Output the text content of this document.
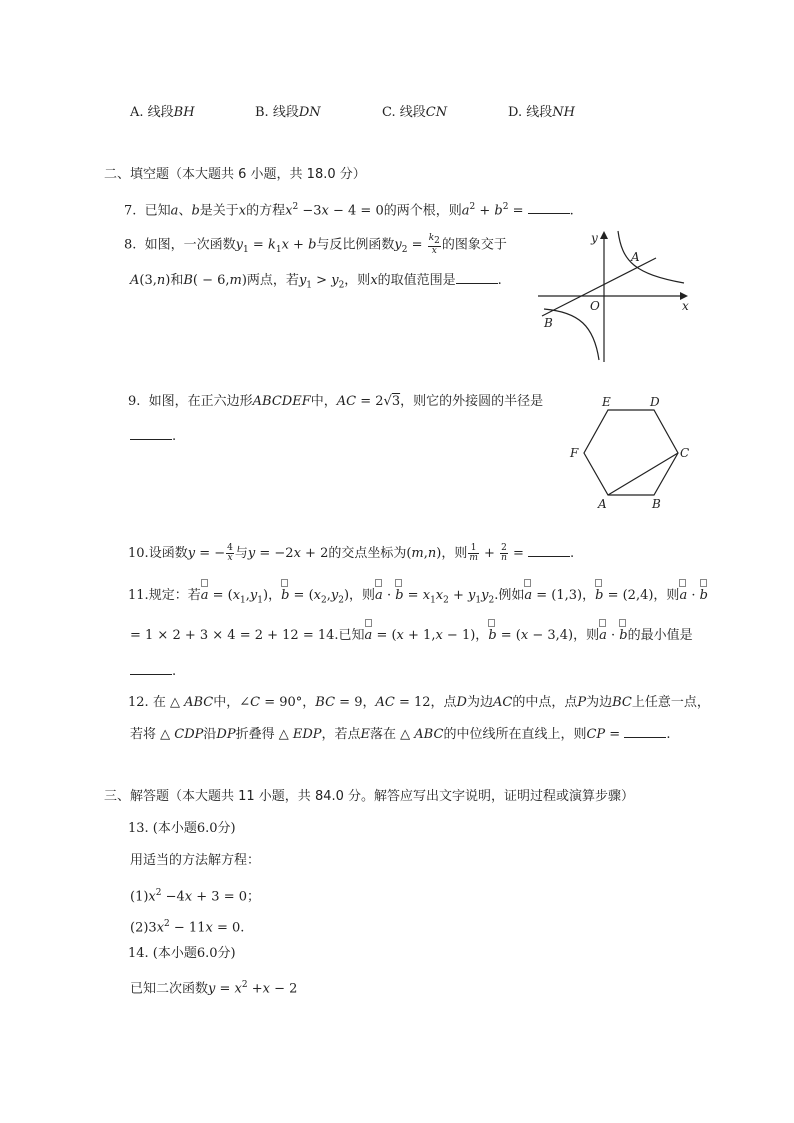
A. 线段BH	B. 线段DN	C. 线段CN	D. 线段NH
二、填空题（本大题共 6 小题，共 18.0 分）
7.  已知a、b是关于x的方程$x^2 -3x - 4 = 0$的两个根，则$a^2 + b^2$ =	.
8.  如图，一次函数$y_1 = k_1x + b$与反比例函数$y_2 = \frac{k_2}{x}$ 的图象交于
A(3,n)和B( − 6,m)两点，若$y_1 > y_2$，则x的取值范围是	.
y
x
O
A
B
9.  如图，在正六边形ABCDEF中，AC = 2√3，则它的外接圆的半径是
.
E	D
F	C
A	B
10.设函数y = − $\frac{4}{x}$ 与y = −2x + 2的交点坐标为(m,n)，则 $\frac{1}{m} + \frac{2}{n}$ =	.
11.规定：若
$a = (x_1,y_1)$，
$b = (x_2,y_2)$，则
a ·
$b = x_1x_2 + y_1y_2$.例如
a = (1,3)，
b = (2,4)，则
a ·
b
= 1 × 2 + 3 × 4 = 2 + 12 = 14.已知
a = (x + 1,x − 1)，
b = (x − 3,4)，则
a ·
b的最小值是
.
12. 在 △ ABC中，∠C = 90°，BC = 9，AC = 12，点D为边AC的中点，点P为边BC上任意一点，
若将 △ CDP沿DP折叠得 △ EDP，若点E落在 △ ABC的中位线所在直线上，则CP =	.
三、解答题（本大题共 11 小题，共 84.0 分。解答应写出文字说明，证明过程或演算步骤）
13. (本小题6.0分)
用适当的方法解方程：
$(1)x^2 -4x + 3 = 0$；
$(2)3x^2 - 11x = 0$.
14. (本小题6.0分)
已知二次函数$y = x^2 +x - 2$
